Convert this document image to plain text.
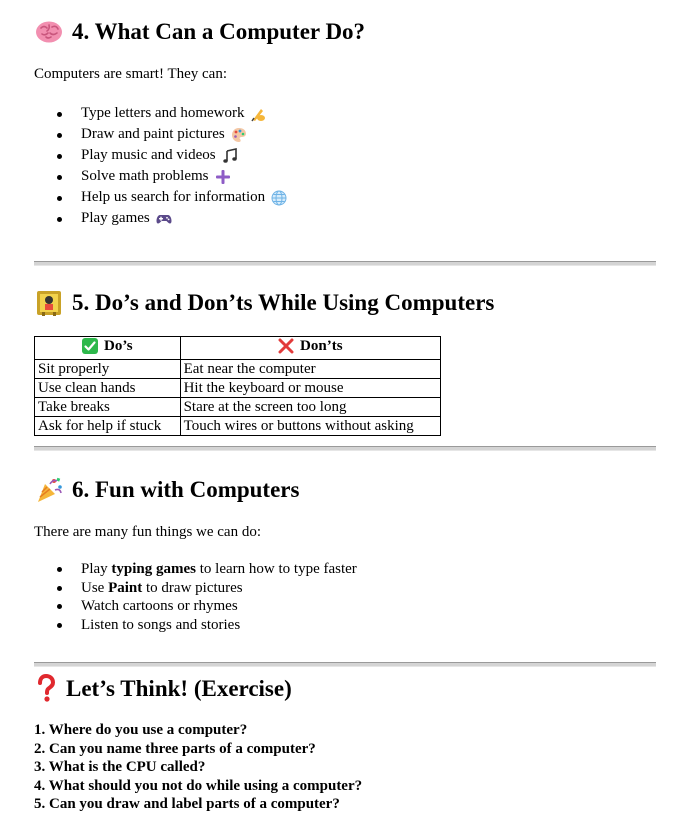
4. What Can a Computer Do?

Computers are smart! They can:

Type letters and homework
Draw and paint pictures
Play music and videos
Solve math problems
Help us search for information
Play games
5. Do’s and Don’ts While Using Computers
Do’s	Don’ts

Sit properly	Eat near the computer
Use clean hands	Hit the keyboard or mouse
Take breaks	Stare at the screen too long
Ask for help if stuck	Touch wires or buttons without asking
6. Fun with Computers

There are many fun things we can do:

Play typing games to learn how to type faster
Use Paint to draw pictures
Watch cartoons or rhymes
Listen to songs and stories
Let’s Think! (Exercise)
1. Where do you use a computer?
2. Can you name three parts of a computer?
3. What is the CPU called?
4. What should you not do while using a computer?
5. Can you draw and label parts of a computer?
